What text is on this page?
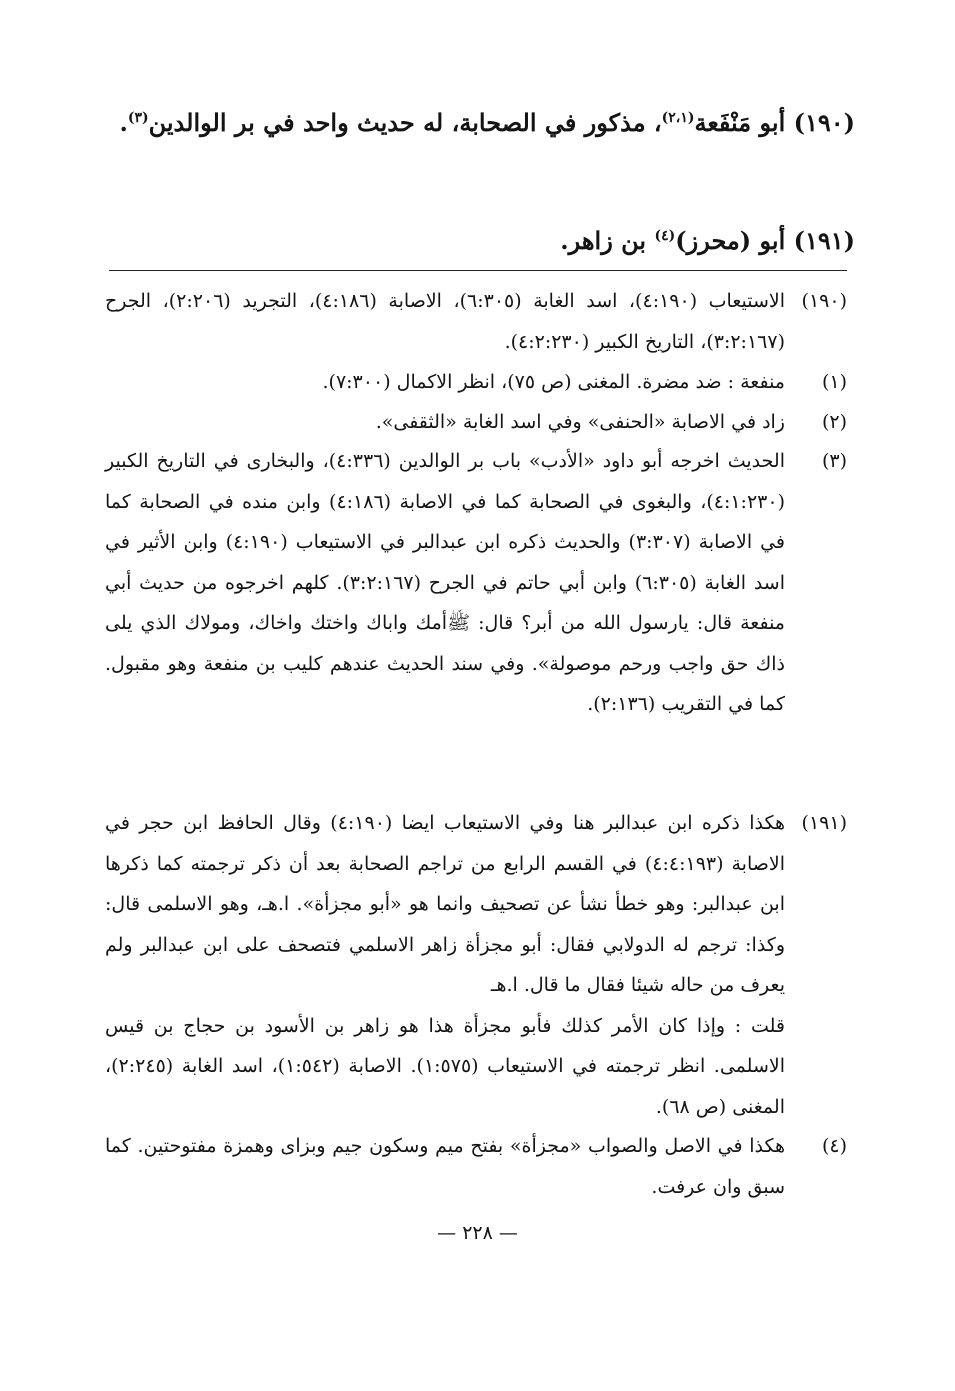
(١٩٠) أبو مَنْفَعة$^{(٢،١)}$، مذكور في الصحابة، له حديث واحد في بر الوالدين$^{(٣)}$.
(١٩١) أبو (محرز)$^{(٤)}$ بن زاهر.
(١٩٠)
الاستيعاب (٤:١٩٠)، اسد الغابة (٦:٣٠٥)، الاصابة (٤:١٨٦)، التجريد (٢:٢٠٦)، الجرح (٣:٢:١٦٧)، التاريخ الكبير (٤:٢:٢٣٠).
(١)
منفعة : ضد مضرة. المغنى (ص ٧٥)، انظر الاكمال (٧:٣٠٠).
(٢)
زاد في الاصابة «الحنفى» وفي اسد الغابة «الثقفى».
(٣)
الحديث اخرجه أبو داود «الأدب» باب بر الوالدين (٤:٣٣٦)، والبخارى في التاريخ الكبير (٤:١:٢٣٠)، والبغوى في الصحابة كما في الاصابة (٤:١٨٦) وابن منده في الصحابة كما في الاصابة (٣:٣٠٧) والحديث ذكره ابن عبدالبر في الاستيعاب (٤:١٩٠) وابن الأثير في اسد الغابة (٦:٣٠٥) وابن أبي حاتم في الجرح (٣:٢:١٦٧). كلهم اخرجوه من حديث أبي منفعة قال: يارسول الله من أبر؟ قال: ﷺأمك واباك واختك واخاك، ومولاك الذي يلى ذاك حق واجب ورحم موصولة». وفي سند الحديث عندهم كليب بن منفعة وهو مقبول. كما في التقريب (٢:١٣٦).
(١٩١)
هكذا ذكره ابن عبدالبر هنا وفي الاستيعاب ايضا (٤:١٩٠) وقال الحافظ ابن حجر في الاصابة (٤:٤:١٩٣) في القسم الرابع من تراجم الصحابة بعد أن ذكر ترجمته كما ذكرها ابن عبدالبر: وهو خطأ نشأ عن تصحيف وانما هو «أبو مجزأة». ا.هـ، وهو الاسلمى قال: وكذا: ترجم له الدولابي فقال: أبو مجزأة زاهر الاسلمي فتصحف على ابن عبدالبر ولم يعرف من حاله شيئا فقال ما قال. ا.هـ
قلت : وإذا كان الأمر كذلك فأبو مجزأة هذا هو زاهر بن الأسود بن حجاج بن قيس الاسلمى. انظر ترجمته في الاستيعاب (١:٥٧٥). الاصابة (١:٥٤٢)، اسد الغابة (٢:٢٤٥)، المغنى (ص ٦٨).
(٤)
هكذا في الاصل والصواب «مجزأة» بفتح ميم وسكون جيم وبزاى وهمزة مفتوحتين. كما سبق وان عرفت.
— ٢٢٨ —
